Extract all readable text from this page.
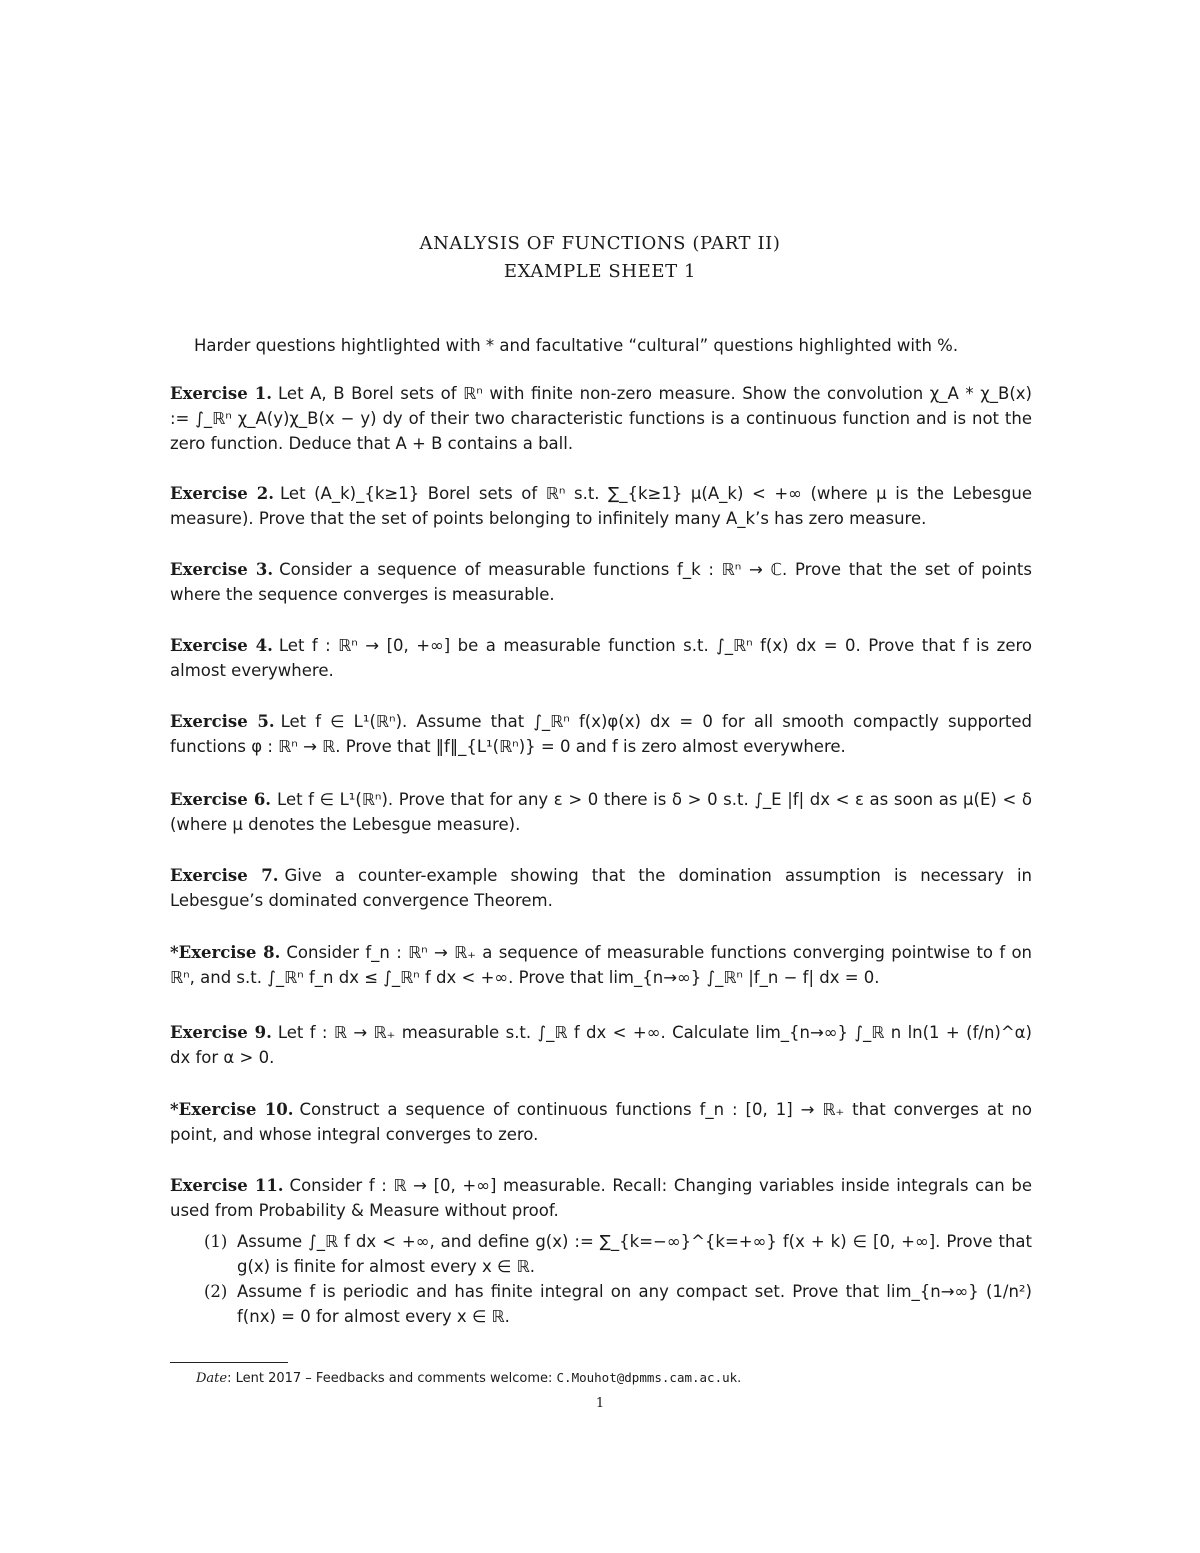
ANALYSIS OF FUNCTIONS (PART II)
EXAMPLE SHEET 1
Harder questions hightlighted with * and facultative “cultural” questions highlighted with %.
Exercise 1. Let A, B Borel sets of ℝⁿ with finite non-zero measure. Show the convolution χ_A * χ_B(x) := ∫_ℝⁿ χ_A(y)χ_B(x − y) dy of their two characteristic functions is a continuous function and is not the zero function. Deduce that A + B contains a ball.
Exercise 2. Let (A_k)_{k≥1} Borel sets of ℝⁿ s.t. ∑_{k≥1} μ(A_k) < +∞ (where μ is the Lebesgue measure). Prove that the set of points belonging to infinitely many A_k’s has zero measure.
Exercise 3. Consider a sequence of measurable functions f_k : ℝⁿ → ℂ. Prove that the set of points where the sequence converges is measurable.
Exercise 4. Let f : ℝⁿ → [0, +∞] be a measurable function s.t. ∫_ℝⁿ f(x) dx = 0. Prove that f is zero almost everywhere.
Exercise 5. Let f ∈ L¹(ℝⁿ). Assume that ∫_ℝⁿ f(x)φ(x) dx = 0 for all smooth compactly supported functions φ : ℝⁿ → ℝ. Prove that ‖f‖_{L¹(ℝⁿ)} = 0 and f is zero almost everywhere.
Exercise 6. Let f ∈ L¹(ℝⁿ). Prove that for any ε > 0 there is δ > 0 s.t. ∫_E |f| dx < ε as soon as μ(E) < δ (where μ denotes the Lebesgue measure).
Exercise 7. Give a counter-example showing that the domination assumption is necessary in Lebesgue’s dominated convergence Theorem.
*Exercise 8. Consider f_n : ℝⁿ → ℝ₊ a sequence of measurable functions converging pointwise to f on ℝⁿ, and s.t. ∫_ℝⁿ f_n dx ≤ ∫_ℝⁿ f dx < +∞. Prove that lim_{n→∞} ∫_ℝⁿ |f_n − f| dx = 0.
Exercise 9. Let f : ℝ → ℝ₊ measurable s.t. ∫_ℝ f dx < +∞. Calculate lim_{n→∞} ∫_ℝ n ln(1 + (f/n)^α) dx for α > 0.
*Exercise 10. Construct a sequence of continuous functions f_n : [0, 1] → ℝ₊ that converges at no point, and whose integral converges to zero.
Exercise 11. Consider f : ℝ → [0, +∞] measurable. Recall: Changing variables inside integrals can be used from Probability & Measure without proof.
(1) Assume ∫_ℝ f dx < +∞, and define g(x) := ∑_{k=−∞}^{k=+∞} f(x + k) ∈ [0, +∞]. Prove that g(x) is finite for almost every x ∈ ℝ.
(2) Assume f is periodic and has finite integral on any compact set. Prove that lim_{n→∞} (1/n²) f(nx) = 0 for almost every x ∈ ℝ.
Date: Lent 2017 – Feedbacks and comments welcome: C.Mouhot@dpmms.cam.ac.uk.
1
